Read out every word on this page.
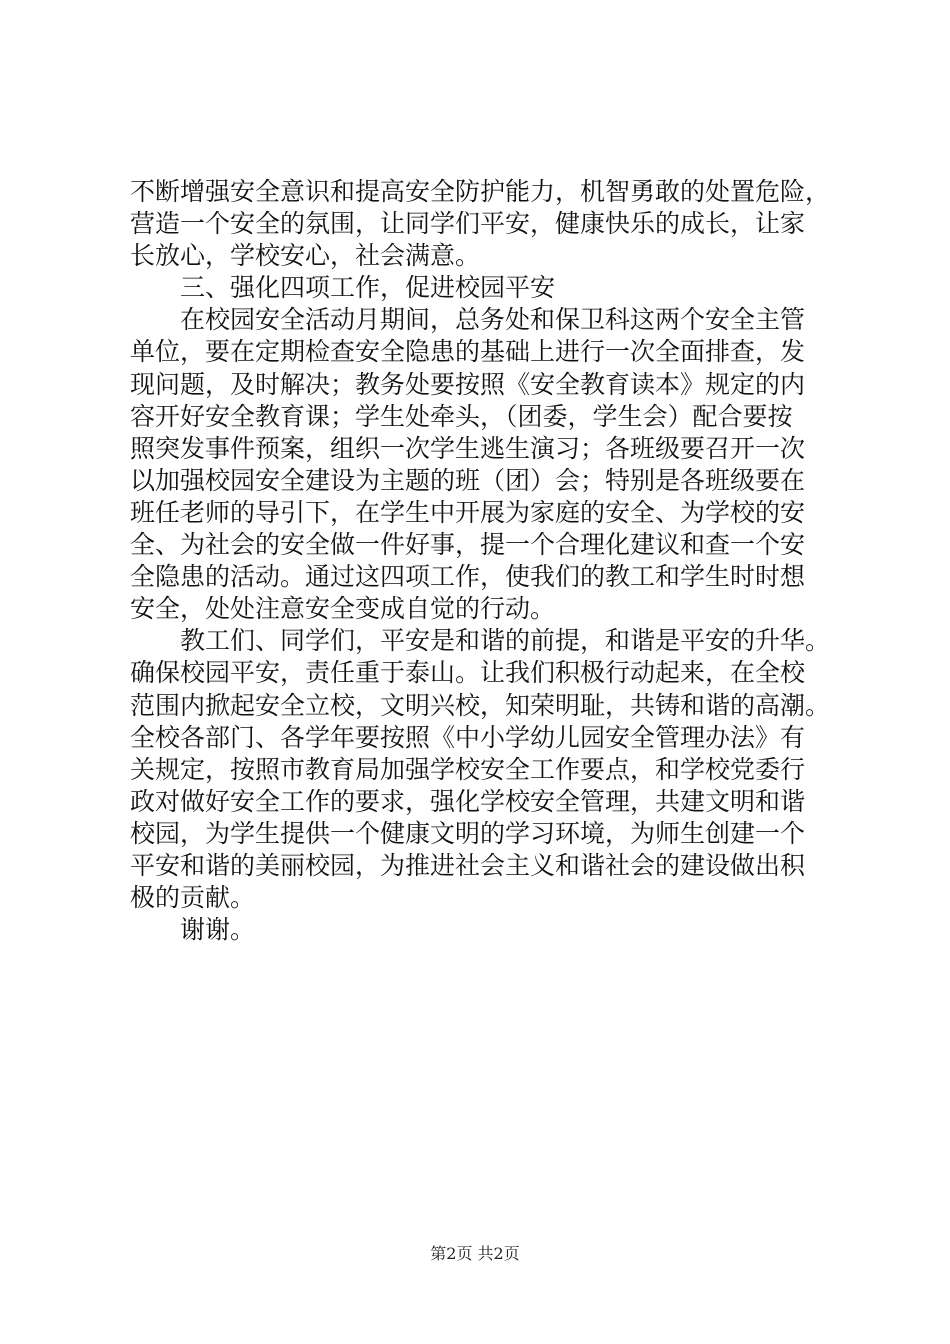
不断增强安全意识和提高安全防护能力，机智勇敢的处置危险，
营造一个安全的氛围，让同学们平安，健康快乐的成长，让家
长放心，学校安心，社会满意。
三、强化四项工作，促进校园平安
在校园安全活动月期间，总务处和保卫科这两个安全主管
单位，要在定期检查安全隐患的基础上进行一次全面排查，发
现问题，及时解决；教务处要按照《安全教育读本》规定的内
容开好安全教育课；学生处牵头，（团委，学生会）配合要按
照突发事件预案，组织一次学生逃生演习；各班级要召开一次
以加强校园安全建设为主题的班（团）会；特别是各班级要在
班任老师的导引下，在学生中开展为家庭的安全、为学校的安
全、为社会的安全做一件好事，提一个合理化建议和查一个安
全隐患的活动。通过这四项工作，使我们的教工和学生时时想
安全，处处注意安全变成自觉的行动。
教工们、同学们，平安是和谐的前提，和谐是平安的升华。
确保校园平安，责任重于泰山。让我们积极行动起来，在全校
范围内掀起安全立校，文明兴校，知荣明耻，共铸和谐的高潮。
全校各部门、各学年要按照《中小学幼儿园安全管理办法》有
关规定，按照市教育局加强学校安全工作要点，和学校党委行
政对做好安全工作的要求，强化学校安全管理，共建文明和谐
校园，为学生提供一个健康文明的学习环境，为师生创建一个
平安和谐的美丽校园，为推进社会主义和谐社会的建设做出积
极的贡献。
谢谢。
第2页 共2页
